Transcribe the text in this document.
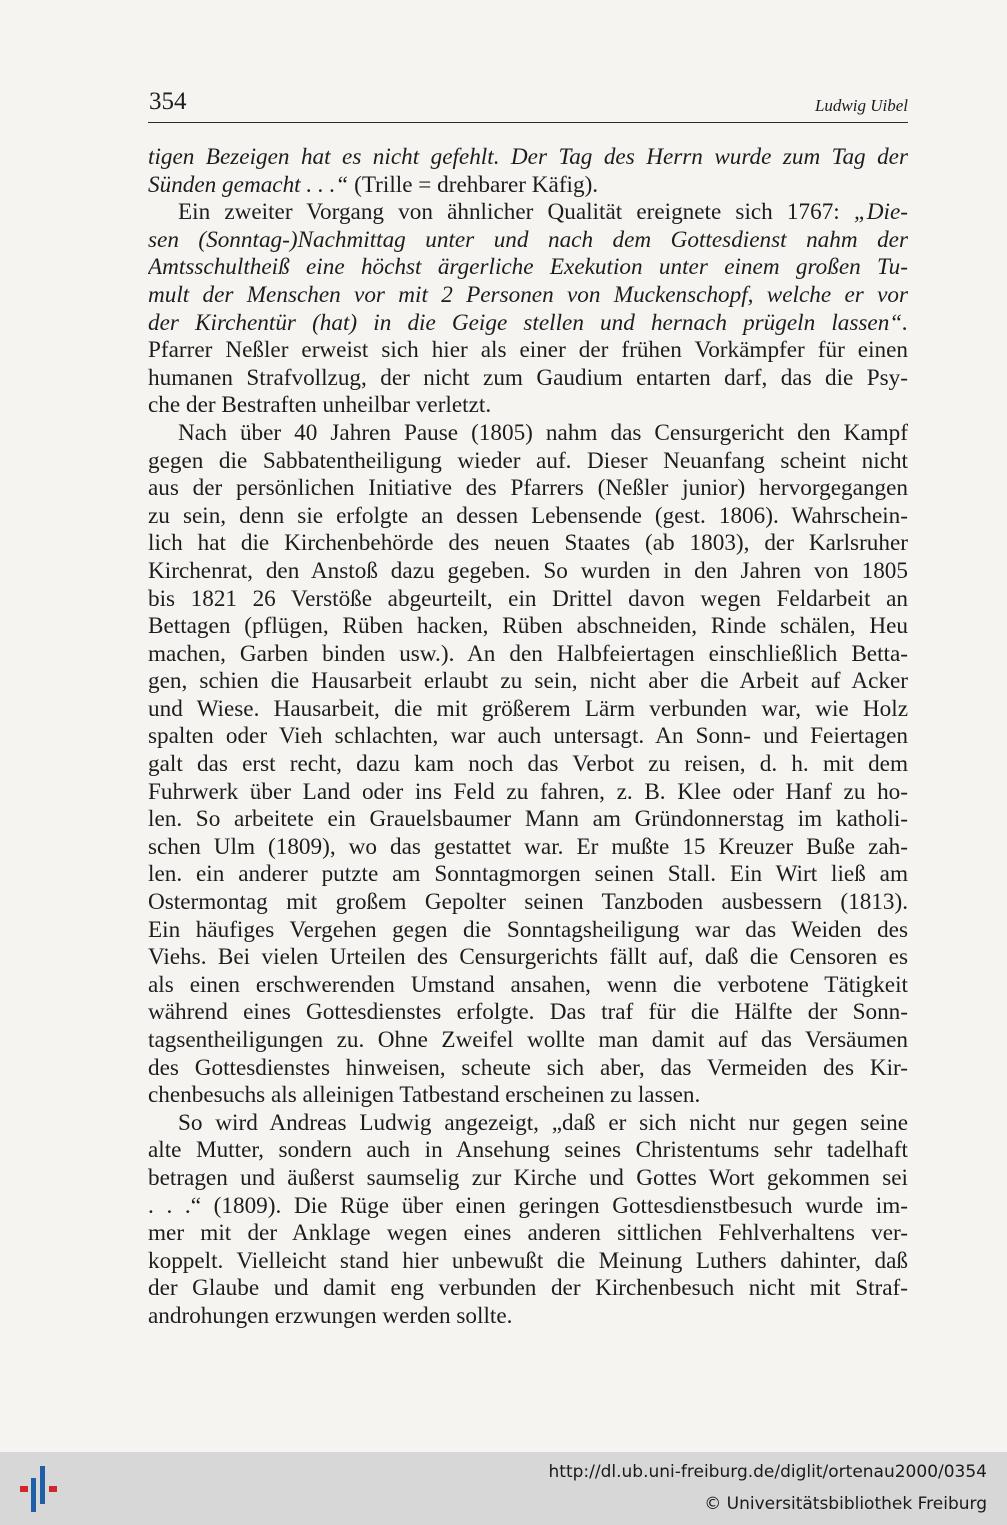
354	Ludwig Uibel
tigen Bezeigen hat es nicht gefehlt. Der Tag des Herrn wurde zum Tag der
Sünden gemacht . . .“ (Trille = drehbarer Käfig).
Ein zweiter Vorgang von ähnlicher Qualität ereignete sich 1767: „Die-
sen (Sonntag-)Nachmittag unter und nach dem Gottesdienst nahm der
Amtsschultheiß eine höchst ärgerliche Exekution unter einem großen Tu-
mult der Menschen vor mit 2 Personen von Muckenschopf, welche er vor
der Kirchentür (hat) in die Geige stellen und hernach prügeln lassen“.
Pfarrer Neßler erweist sich hier als einer der frühen Vorkämpfer für einen
humanen Strafvollzug, der nicht zum Gaudium entarten darf, das die Psy-
che der Bestraften unheilbar verletzt.
Nach über 40 Jahren Pause (1805) nahm das Censurgericht den Kampf
gegen die Sabbatentheiligung wieder auf. Dieser Neuanfang scheint nicht
aus der persönlichen Initiative des Pfarrers (Neßler junior) hervorgegangen
zu sein, denn sie erfolgte an dessen Lebensende (gest. 1806). Wahrschein-
lich hat die Kirchenbehörde des neuen Staates (ab 1803), der Karlsruher
Kirchenrat, den Anstoß dazu gegeben. So wurden in den Jahren von 1805
bis 1821 26 Verstöße abgeurteilt, ein Drittel davon wegen Feldarbeit an
Bettagen (pflügen, Rüben hacken, Rüben abschneiden, Rinde schälen, Heu
machen, Garben binden usw.). An den Halbfeiertagen einschließlich Betta-
gen, schien die Hausarbeit erlaubt zu sein, nicht aber die Arbeit auf Acker
und Wiese. Hausarbeit, die mit größerem Lärm verbunden war, wie Holz
spalten oder Vieh schlachten, war auch untersagt. An Sonn- und Feiertagen
galt das erst recht, dazu kam noch das Verbot zu reisen, d. h. mit dem
Fuhrwerk über Land oder ins Feld zu fahren, z. B. Klee oder Hanf zu ho-
len. So arbeitete ein Grauelsbaumer Mann am Gründonnerstag im katholi-
schen Ulm (1809), wo das gestattet war. Er mußte 15 Kreuzer Buße zah-
len. ein anderer putzte am Sonntagmorgen seinen Stall. Ein Wirt ließ am
Ostermontag mit großem Gepolter seinen Tanzboden ausbessern (1813).
Ein häufiges Vergehen gegen die Sonntagsheiligung war das Weiden des
Viehs. Bei vielen Urteilen des Censurgerichts fällt auf, daß die Censoren es
als einen erschwerenden Umstand ansahen, wenn die verbotene Tätigkeit
während eines Gottesdienstes erfolgte. Das traf für die Hälfte der Sonn-
tagsentheiligungen zu. Ohne Zweifel wollte man damit auf das Versäumen
des Gottesdienstes hinweisen, scheute sich aber, das Vermeiden des Kir-
chenbesuchs als alleinigen Tatbestand erscheinen zu lassen.
So wird Andreas Ludwig angezeigt, „daß er sich nicht nur gegen seine
alte Mutter, sondern auch in Ansehung seines Christentums sehr tadelhaft
betragen und äußerst saumselig zur Kirche und Gottes Wort gekommen sei
. . .“ (1809). Die Rüge über einen geringen Gottesdienstbesuch wurde im-
mer mit der Anklage wegen eines anderen sittlichen Fehlverhaltens ver-
koppelt. Vielleicht stand hier unbewußt die Meinung Luthers dahinter, daß
der Glaube und damit eng verbunden der Kirchenbesuch nicht mit Straf-
androhungen erzwungen werden sollte.
http://dl.ub.uni-freiburg.de/diglit/ortenau2000/0354
© Universitätsbibliothek Freiburg
